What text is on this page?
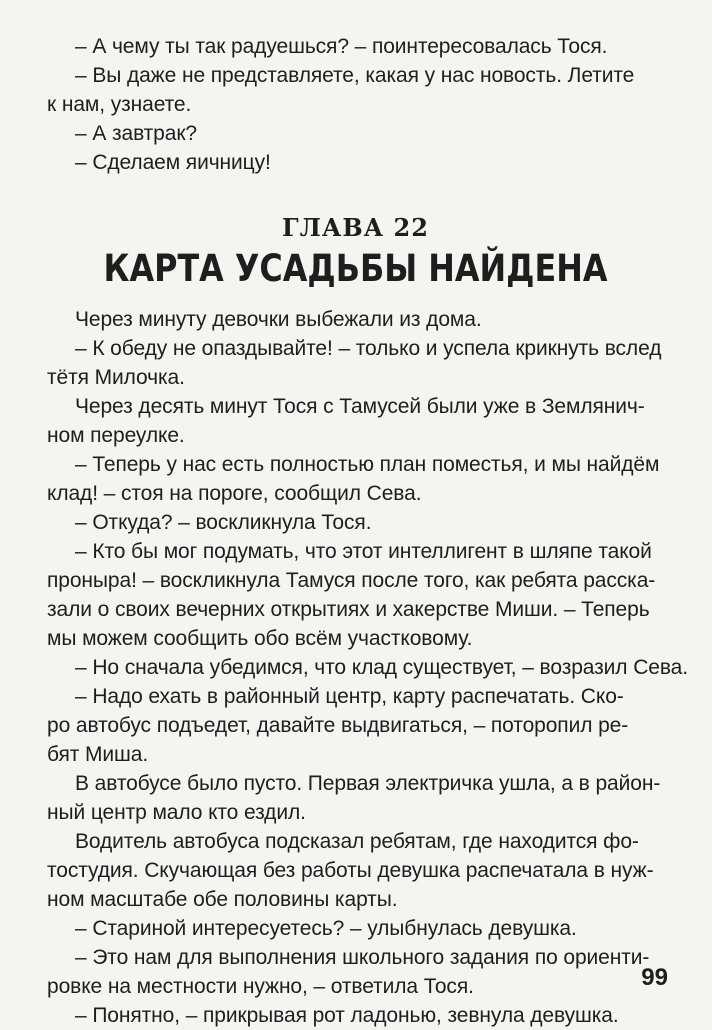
– А чему ты так радуешься? – поинтересовалась Тося.
– Вы даже не представляете, какая у нас новость. Летите
к нам, узнаете.
– А завтрак?
– Сделаем яичницу!
ГЛАВА 22
КАРТА УСАДЬБЫ НАЙДЕНА
Через минуту девочки выбежали из дома.
– К обеду не опаздывайте! – только и успела крикнуть вслед
тётя Милочка.
Через десять минут Тося с Тамусей были уже в Землянич-
ном переулке.
– Теперь у нас есть полностью план поместья, и мы найдём
клад! – стоя на пороге, сообщил Сева.
– Откуда? – воскликнула Тося.
– Кто бы мог подумать, что этот интеллигент в шляпе такой
проныра! – воскликнула Тамуся после того, как ребята расска-
зали о своих вечерних открытиях и хакерстве Миши. – Теперь
мы можем сообщить обо всём участковому.
– Но сначала убедимся, что клад существует, – возразил Сева.
– Надо ехать в районный центр, карту распечатать. Ско-
ро автобус подъедет, давайте выдвигаться, – поторопил ре-
бят Миша.
В автобусе было пусто. Первая электричка ушла, а в район-
ный центр мало кто ездил.
Водитель автобуса подсказал ребятам, где находится фо-
тостудия. Скучающая без работы девушка распечатала в нуж-
ном масштабе обе половины карты.
– Стариной интересуетесь? – улыбнулась девушка.
– Это нам для выполнения школьного задания по ориенти-
ровке на местности нужно, – ответила Тося.
– Понятно, – прикрывая рот ладонью, зевнула девушка.
99
